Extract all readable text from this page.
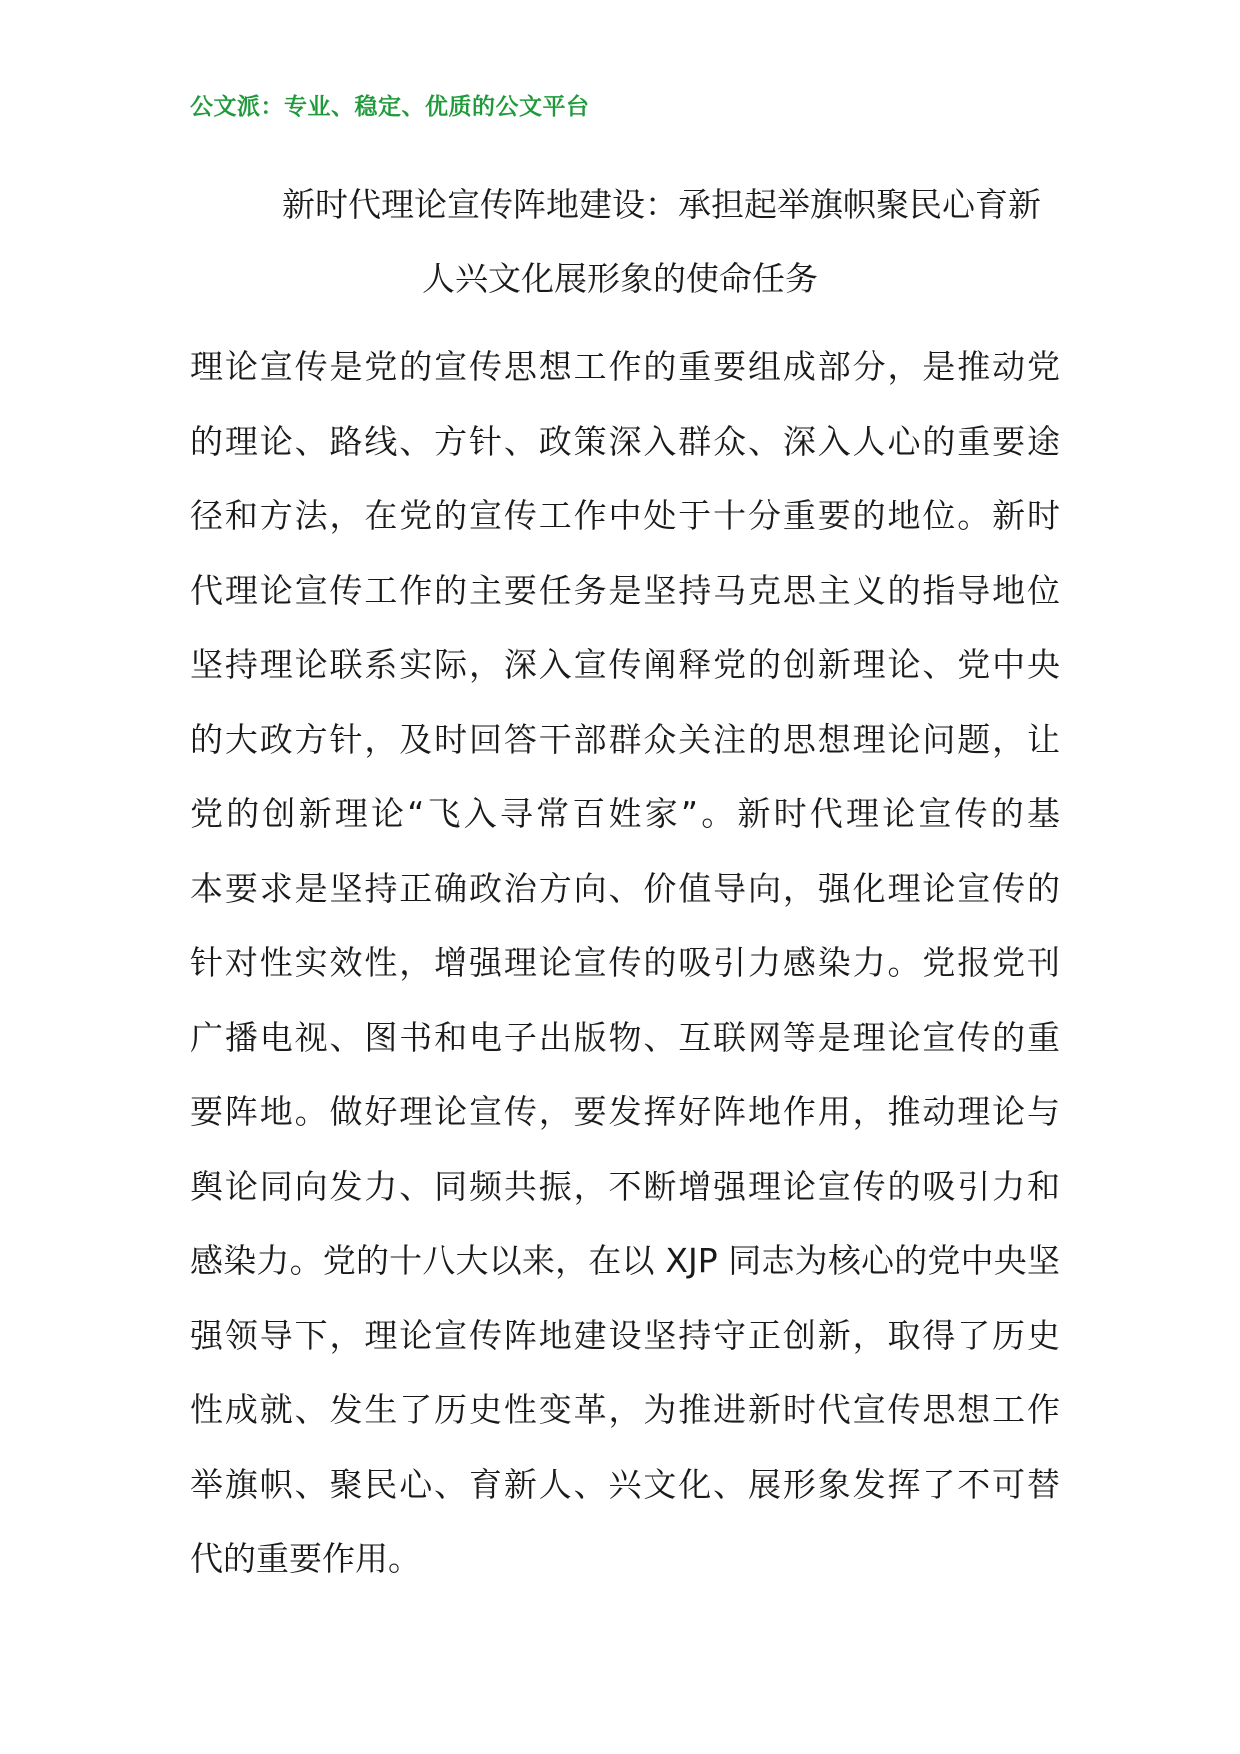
公文派：专业、稳定、优质的公文平台
新时代理论宣传阵地建设：承担起举旗帜聚民心育新
人兴文化展形象的使命任务
理论宣传是党的宣传思想工作的重要组成部分，是推动党
的理论、路线、方针、政策深入群众、深入人心的重要途
径和方法，在党的宣传工作中处于十分重要的地位。新时
代理论宣传工作的主要任务是坚持马克思主义的指导地位
坚持理论联系实际，深入宣传阐释党的创新理论、党中央
的大政方针，及时回答干部群众关注的思想理论问题，让
党的创新理论“飞入寻常百姓家”。新时代理论宣传的基
本要求是坚持正确政治方向、价值导向，强化理论宣传的
针对性实效性，增强理论宣传的吸引力感染力。党报党刊
广播电视、图书和电子出版物、互联网等是理论宣传的重
要阵地。做好理论宣传，要发挥好阵地作用，推动理论与
舆论同向发力、同频共振，不断增强理论宣传的吸引力和
感染力。党的十八大以来，在以 XJP 同志为核心的党中央坚
强领导下，理论宣传阵地建设坚持守正创新，取得了历史
性成就、发生了历史性变革，为推进新时代宣传思想工作
举旗帜、聚民心、育新人、兴文化、展形象发挥了不可替
代的重要作用。
